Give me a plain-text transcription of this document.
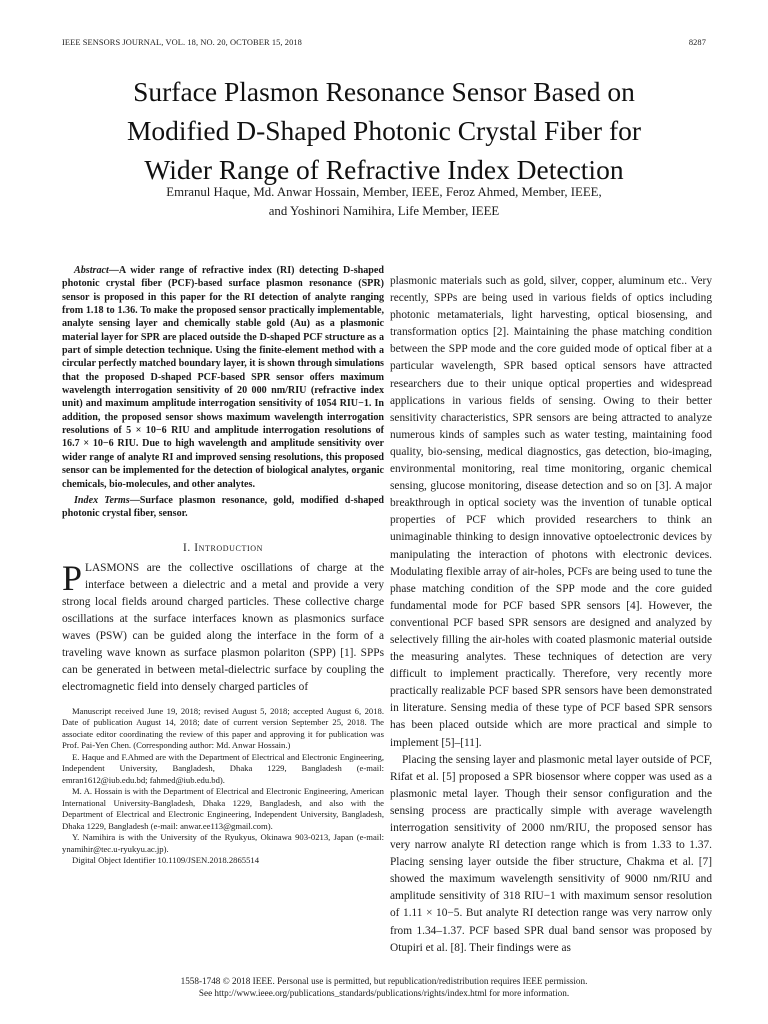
IEEE SENSORS JOURNAL, VOL. 18, NO. 20, OCTOBER 15, 2018	8287
Surface Plasmon Resonance Sensor Based on
Modified D-Shaped Photonic Crystal Fiber for
Wider Range of Refractive Index Detection
Emranul Haque, Md. Anwar Hossain, Member, IEEE, Feroz Ahmed, Member, IEEE,
and Yoshinori Namihira, Life Member, IEEE

Abstract—A wider range of refractive index (RI) detecting D-shaped photonic crystal fiber (PCF)-based surface plasmon resonance (SPR) sensor is proposed in this paper for the RI detection of analyte ranging from 1.18 to 1.36. To make the proposed sensor practically implementable, analyte sensing layer and chemically stable gold (Au) as a plasmonic material layer for SPR are placed outside the D-shaped PCF structure as a part of simple detection technique. Using the finite-element method with a circular perfectly matched boundary layer, it is shown through simulations that the proposed D-shaped PCF-based SPR sensor offers maximum wavelength interrogation sensitivity of 20 000 nm/RIU (refractive index unit) and maximum amplitude interrogation sensitivity of 1054 RIU−1. In addition, the proposed sensor shows maximum wavelength interrogation resolutions of 5 × 10−6 RIU and amplitude interrogation resolutions of 16.7 × 10−6 RIU. Due to high wavelength and amplitude sensitivity over wider range of analyte RI and improved sensing resolutions, this proposed sensor can be implemented for the detection of biological analytes, organic chemicals, bio-molecules, and other analytes.

Index Terms—Surface plasmon resonance, gold, modified d-shaped photonic crystal fiber, sensor.

I. Introduction

PLASMONS are the collective oscillations of charge at the interface between a dielectric and a metal and provide a very strong local fields around charged particles. These collective charge oscillations at the surface interfaces known as plasmonics surface waves (PSW) can be guided along the interface in the form of a traveling wave known as surface plasmon polariton (SPP) [1]. SPPs can be generated in between metal-dielectric surface by coupling the electromagnetic field into densely charged particles of

Manuscript received June 19, 2018; revised August 5, 2018; accepted August 6, 2018. Date of publication August 14, 2018; date of current version September 25, 2018. The associate editor coordinating the review of this paper and approving it for publication was Prof. Pai-Yen Chen. (Corresponding author: Md. Anwar Hossain.)

E. Haque and F.Ahmed are with the Department of Electrical and Electronic Engineering, Independent University, Bangladesh, Dhaka 1229, Bangladesh (e-mail: emran1612@iub.edu.bd; fahmed@iub.edu.bd).

M. A. Hossain is with the Department of Electrical and Electronic Engineering, American International University-Bangladesh, Dhaka 1229, Bangladesh, and also with the Department of Electrical and Electronic Engineering, Independent University, Bangladesh, Dhaka 1229, Bangladesh (e-mail: anwar.ee113@gmail.com).

Y. Namihira is with the University of the Ryukyus, Okinawa 903-0213, Japan (e-mail: ynamihir@tec.u-ryukyu.ac.jp).

Digital Object Identifier 10.1109/JSEN.2018.2865514

plasmonic materials such as gold, silver, copper, aluminum etc.. Very recently, SPPs are being used in various fields of optics including photonic metamaterials, light harvesting, optical biosensing, and transformation optics [2]. Maintaining the phase matching condition between the SPP mode and the core guided mode of optical fiber at a particular wavelength, SPR based optical sensors have attracted researchers due to their unique optical properties and widespread applications in various fields of sensing. Owing to their better sensitivity characteristics, SPR sensors are being attracted to analyze numerous kinds of samples such as water testing, maintaining food quality, bio-sensing, medical diagnostics, gas detection, bio-imaging, environmental monitoring, real time monitoring, organic chemical sensing, glucose monitoring, disease detection and so on [3]. A major breakthrough in optical society was the invention of tunable optical properties of PCF which provided researchers to think an unimaginable thinking to design innovative optoelectronic devices by manipulating the interaction of photons with electronic devices. Modulating flexible array of air-holes, PCFs are being used to tune the phase matching condition of the SPP mode and the core guided fundamental mode for PCF based SPR sensors [4]. However, the conventional PCF based SPR sensors are designed and analyzed by selectively filling the air-holes with coated plasmonic material outside the measuring analytes. These techniques of detection are very difficult to implement practically. Therefore, very recently more practically realizable PCF based SPR sensors have been demonstrated in literature. Sensing media of these type of PCF based SPR sensors has been placed outside which are more practical and simple to implement [5]–[11].

Placing the sensing layer and plasmonic metal layer outside of PCF, Rifat et al. [5] proposed a SPR biosensor where copper was used as a plasmonic metal layer. Though their sensor configuration and the sensing process are practically simple with average wavelength interrogation sensitivity of 2000 nm/RIU, the proposed sensor has very narrow analyte RI detection range which is from 1.33 to 1.37. Placing sensing layer outside the fiber structure, Chakma et al. [7] showed the maximum wavelength sensitivity of 9000 nm/RIU and amplitude sensitivity of 318 RIU−1 with maximum sensor resolution of 1.11 × 10−5. But analyte RI detection range was very narrow only from 1.34–1.37. PCF based SPR dual band sensor was proposed by Otupiri et al. [8]. Their findings were as

1558-1748 © 2018 IEEE. Personal use is permitted, but republication/redistribution requires IEEE permission.
See http://www.ieee.org/publications_standards/publications/rights/index.html for more information.
